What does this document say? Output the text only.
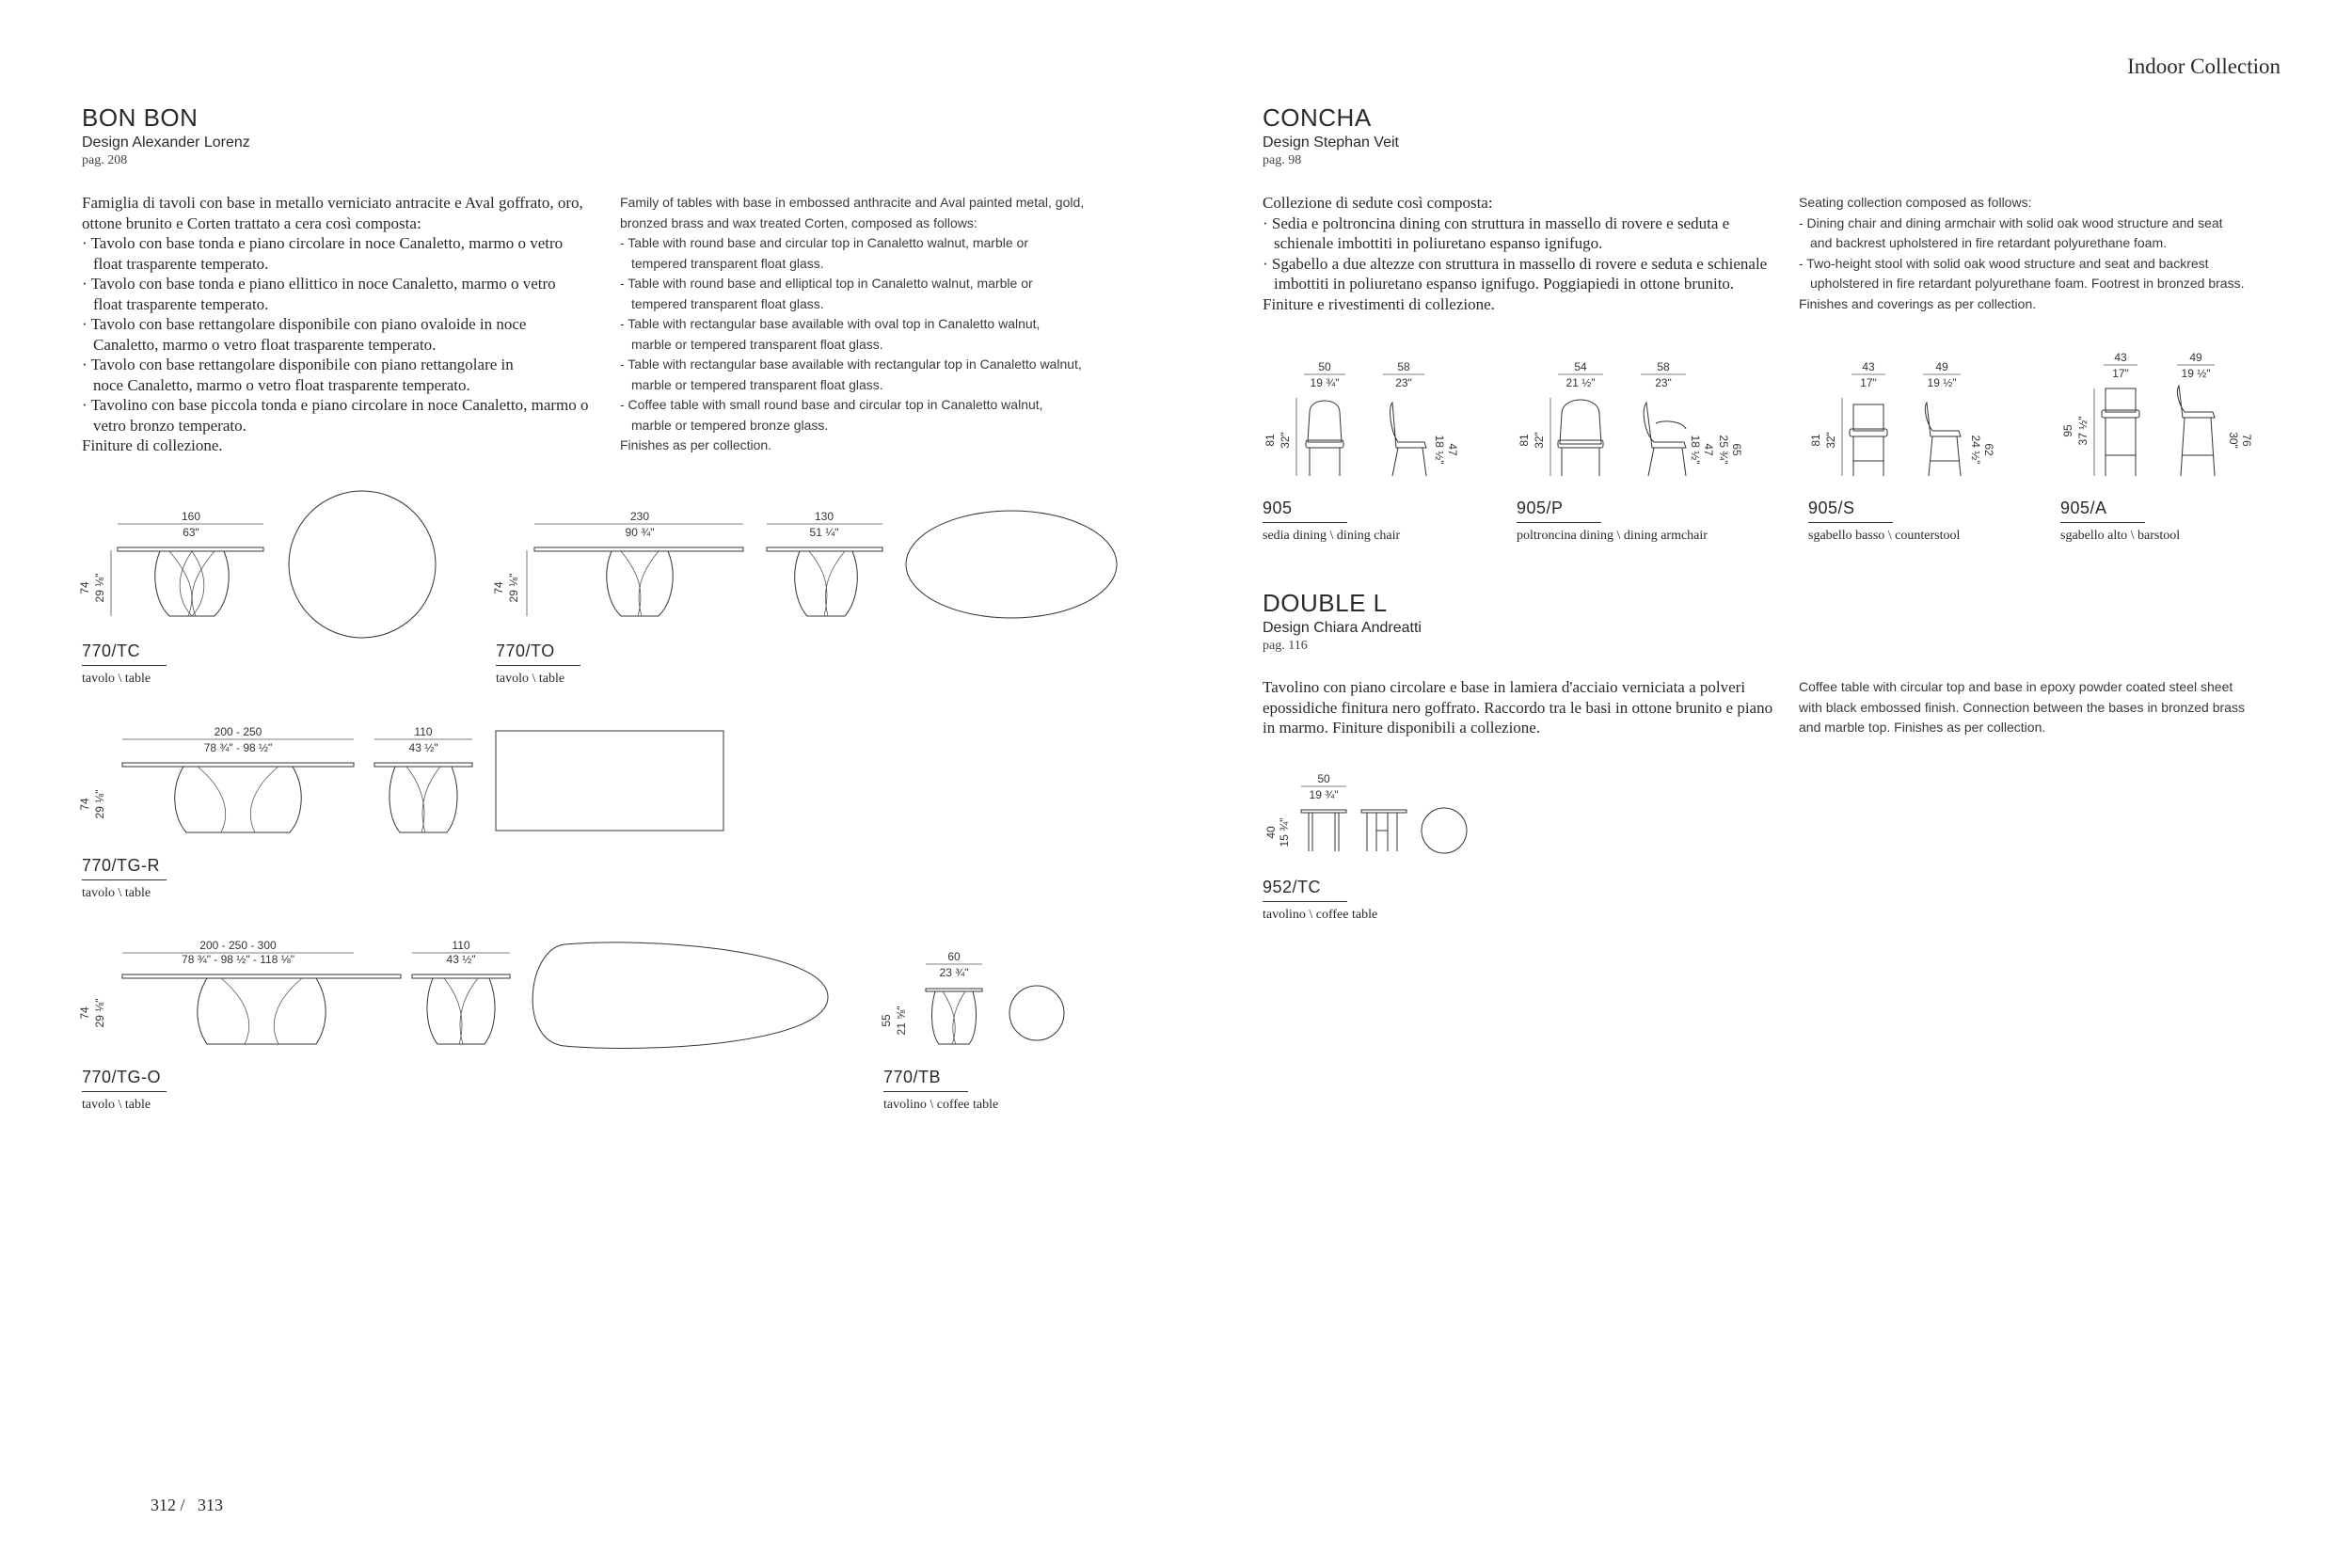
Indoor Collection
BON BON
Design Alexander Lorenz
pag. 208
Famiglia di tavoli con base in metallo verniciato antracite e Aval goffrato, oro,
ottone brunito e Corten trattato a cera così composta:
· Tavolo con base tonda e piano circolare in noce Canaletto, marmo o vetro
float trasparente temperato.
· Tavolo con base tonda e piano ellittico in noce Canaletto, marmo o vetro
float trasparente temperato.
· Tavolo con base rettangolare disponibile con piano ovaloide in noce
Canaletto, marmo o vetro float trasparente temperato.
· Tavolo con base rettangolare disponibile con piano rettangolare in
noce Canaletto, marmo o vetro float trasparente temperato.
· Tavolino con base piccola tonda e piano circolare in noce Canaletto, marmo o
vetro bronzo temperato.
Finiture di collezione.
Family of tables with base in embossed anthracite and Aval painted metal, gold,
bronzed brass and wax treated Corten, composed as follows:
- Table with round base and circular top in Canaletto walnut, marble or
tempered transparent float glass.
- Table with round base and elliptical top in Canaletto walnut, marble or
tempered transparent float glass.
- Table with rectangular base available with oval top in Canaletto walnut,
marble or tempered transparent float glass.
- Table with rectangular base available with rectangular top in Canaletto walnut,
marble or tempered transparent float glass.
- Coffee table with small round base and circular top in Canaletto walnut,
marble or tempered bronze glass.
Finishes as per collection.
160
63"
74 29 ⅛"
770/TC
tavolo \ table
230
90 ¾"
130
51 ¼"
74 29 ⅛"
770/TO
tavolo \ table
200 - 250
78 ¾" - 98 ½"
110
43 ½"
74 29 ⅛"
770/TG-R
tavolo \ table
200 - 250 - 300
78 ¾" - 98 ½" - 118 ⅛"
110
43 ½"
74 29 ⅛"
770/TG-O
tavolo \ table
60
23 ¾"
55 21 ⅝"
770/TB
tavolino \ coffee table
CONCHA
Design Stephan Veit
pag. 98
Collezione di sedute così composta:
· Sedia e poltroncina dining con struttura in massello di rovere e seduta e
schienale imbottiti in poliuretano espanso ignifugo.
· Sgabello a due altezze con struttura in massello di rovere e seduta e schienale
imbottiti in poliuretano espanso ignifugo. Poggiapiedi in ottone brunito.
Finiture e rivestimenti di collezione.
Seating collection composed as follows:
- Dining chair and dining armchair with solid oak wood structure and seat
and backrest upholstered in fire retardant polyurethane foam.
- Two-height stool with solid oak wood structure and seat and backrest
upholstered in fire retardant polyurethane foam. Footrest in bronzed brass.
Finishes and coverings as per collection.
50
19 ¾"
58
23"
81 32"
47
18 ½"
905
sedia dining \ dining chair
54
21 ½"
58
23"
81 32"
47
18 ½"	65
25 ¾"
905/P
poltroncina dining \ dining armchair
43
17"
49
19 ½"
81 32"
62
24 ½"
905/S
sgabello basso \ counterstool
43
17"
49
19 ½"
95 37 ½"	76
30"
905/A
sgabello alto \ barstool
DOUBLE L
Design Chiara Andreatti
pag. 116
Tavolino con piano circolare e base in lamiera d'acciaio verniciata a polveri
epossidiche finitura nero goffrato. Raccordo tra le basi in ottone brunito e piano
in marmo. Finiture disponibili a collezione.
Coffee table with circular top and base in epoxy powder coated steel sheet
with black embossed finish. Connection between the bases in bronzed brass
and marble top. Finishes as per collection.
50
19 ¾"
40 15 ¾"
952/TC
tavolino \ coffee table
312 /   313
